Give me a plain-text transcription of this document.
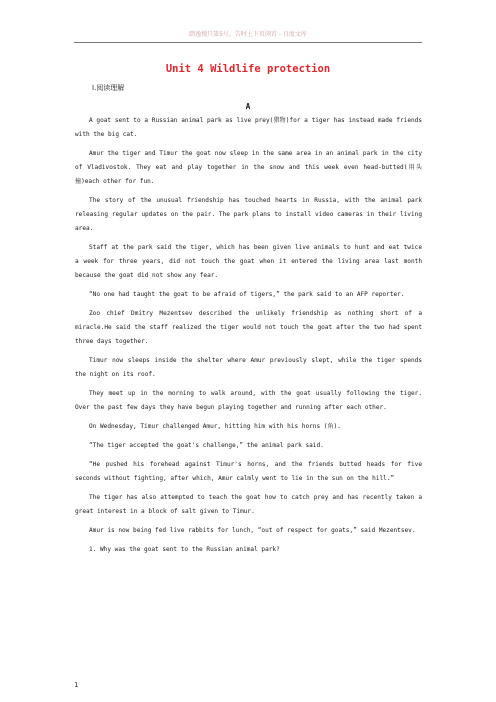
踏逸搜只第5号，告时上下页浏首 ‑ 日度文库
Unit 4 Wildlife protection
Ⅰ.阅读理解
A

A goat sent to a Russian animal park as live prey(猎物)for a tiger has instead made friends with the big cat.

Amur the tiger and Timur the goat now sleep in the same area in an animal park in the city of Vladivostok. They eat and play together in the snow and this week even head-butted(用头撞)each other for fun.

The story of the unusual friendship has touched hearts in Russia, with the animal park releasing regular updates on the pair. The park plans to install video cameras in their living area.

Staff at the park said the tiger, which has been given live animals to hunt and eat twice a week for three years, did not touch the goat when it entered the living area last month because the goat did not show any fear.

“No one had taught the goat to be afraid of tigers,” the park said to an AFP reporter.

Zoo chief Dmitry Mezentsev described the unlikely friendship as nothing short of a miracle.He said the staff realized the tiger would not touch the goat after the two had spent three days together.

Timur now sleeps inside the shelter where Amur previously slept, while the tiger spends the night on its roof.

They meet up in the morning to walk around, with the goat usually following the tiger. Over the past few days they have begun playing together and running after each other.

On Wednesday, Timur challenged Amur, hitting him with his horns (角).

“The tiger accepted the goat's challenge,” the animal park said.

“He pushed his forehead against Timur's horns, and the friends butted heads for five seconds without fighting, after which, Amur calmly went to lie in the sun on the hill.”

The tiger has also attempted to teach the goat how to catch prey and has recently taken a great interest in a block of salt given to Timur.

Amur is now being fed live rabbits for lunch, “out of respect for goats,” said Mezentsev.

1. Why was the goat sent to the Russian animal park?

1
